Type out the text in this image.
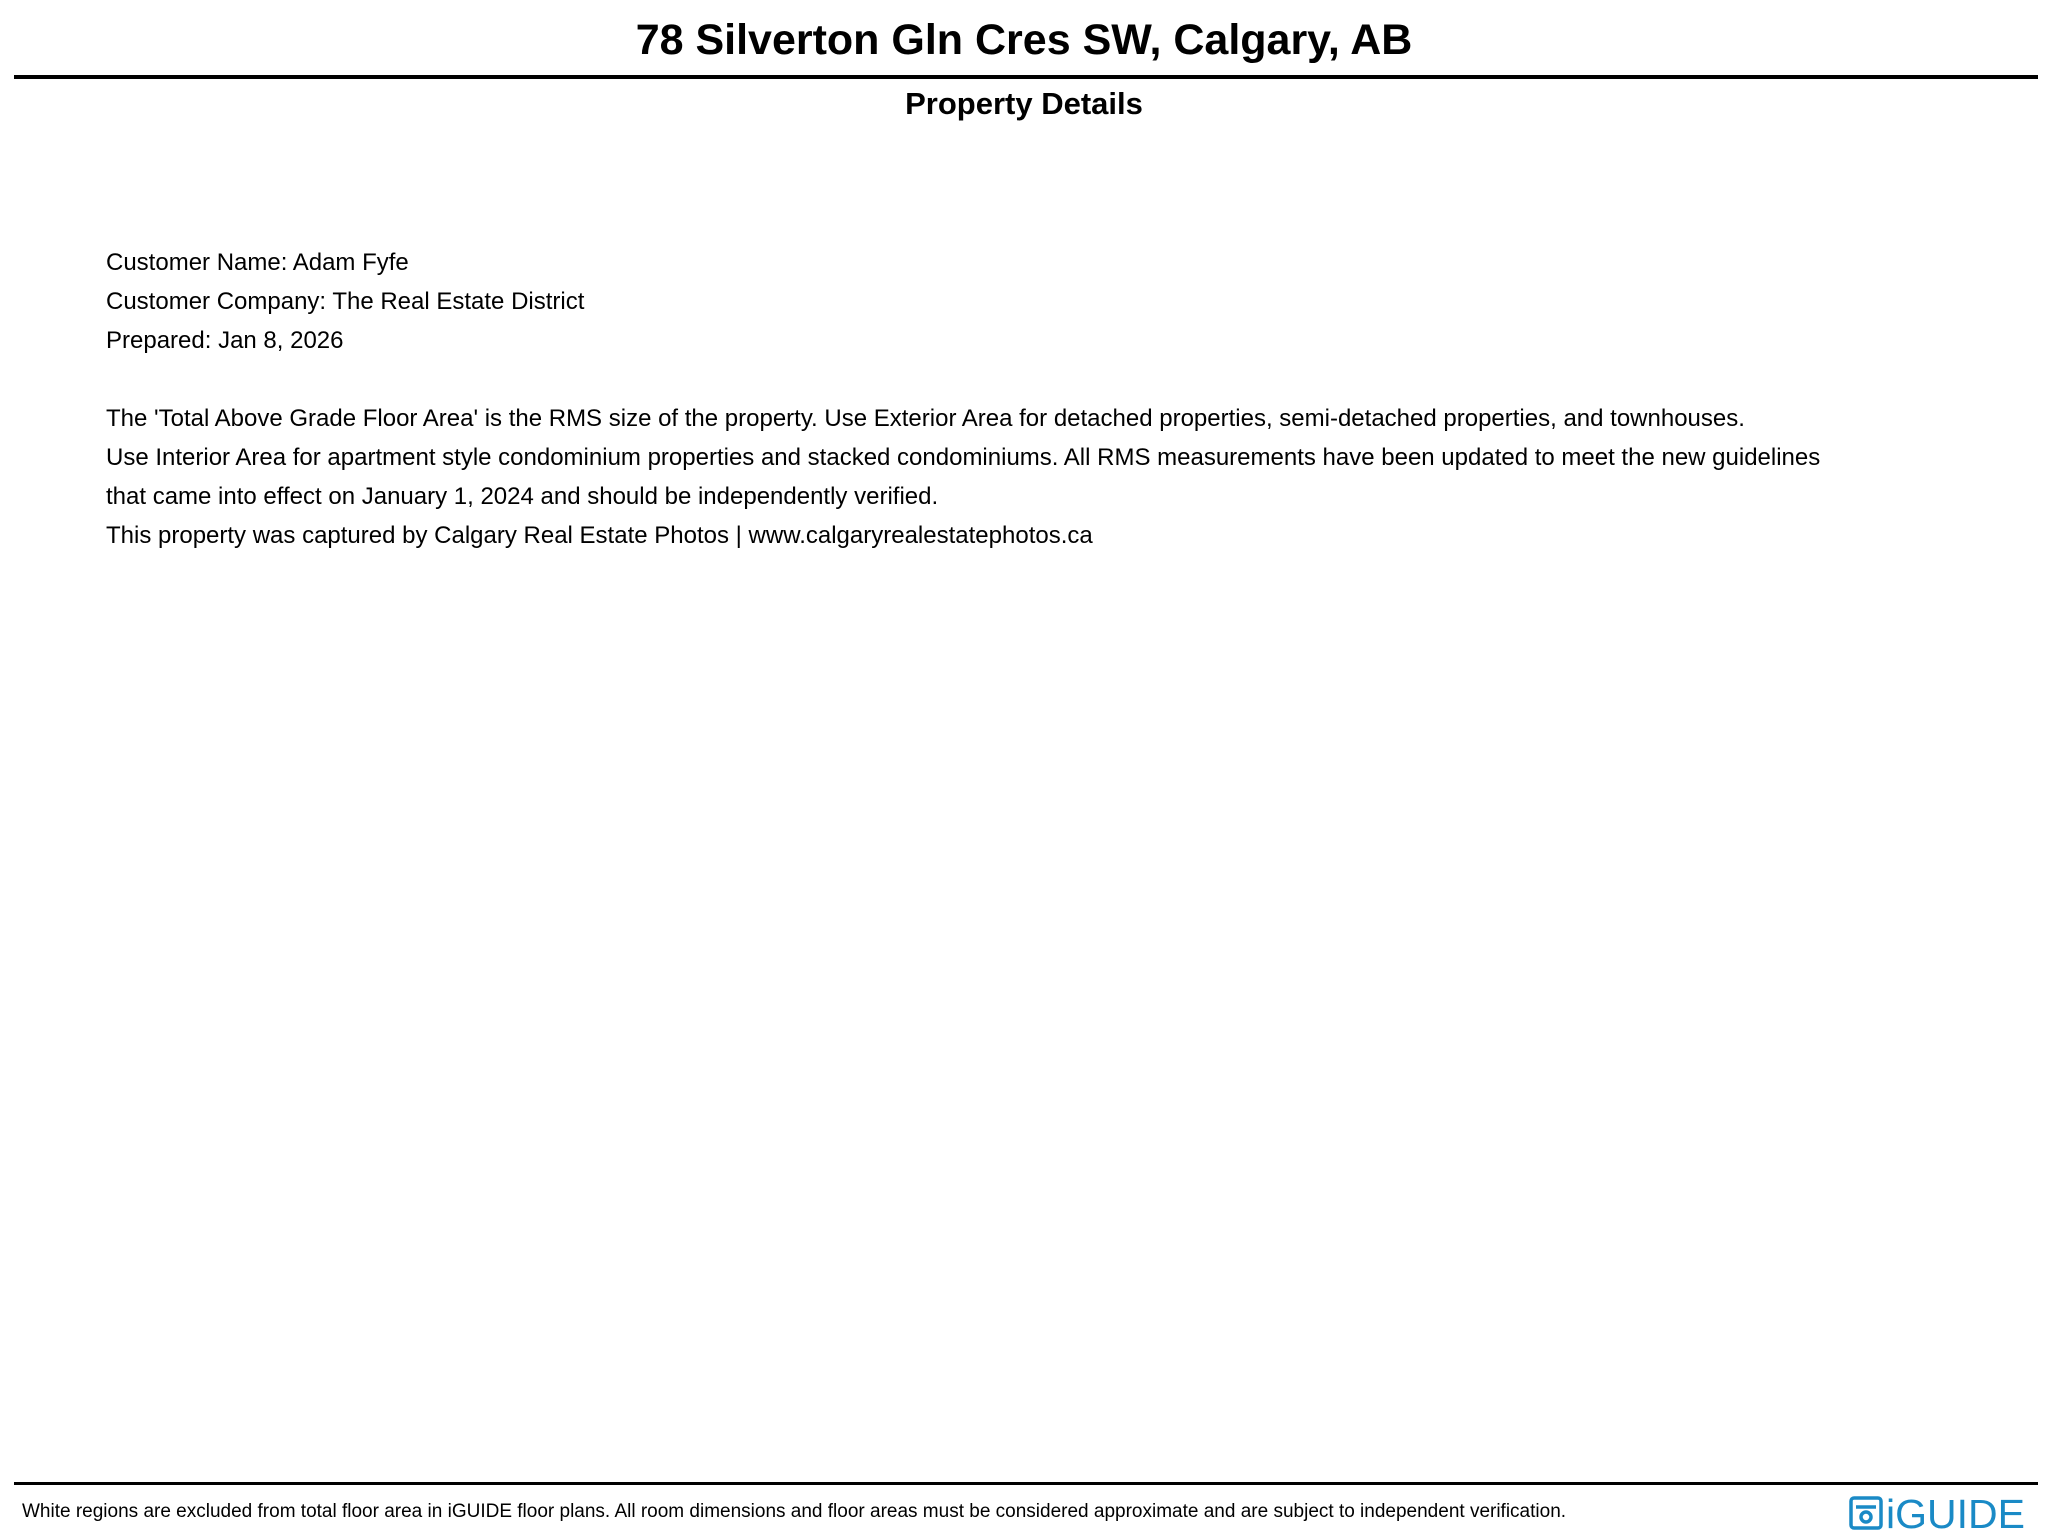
78 Silverton Gln Cres SW, Calgary, AB
Property Details
Customer Name: Adam Fyfe
Customer Company: The Real Estate District
Prepared: Jan 8, 2026
The 'Total Above Grade Floor Area' is the RMS size of the property. Use Exterior Area for detached properties, semi-detached properties, and townhouses.
Use Interior Area for apartment style condominium properties and stacked condominiums. All RMS measurements have been updated to meet the new guidelines
that came into effect on January 1, 2024 and should be independently verified.
This property was captured by Calgary Real Estate Photos | www.calgaryrealestatephotos.ca
White regions are excluded from total floor area in iGUIDE floor plans. All room dimensions and floor areas must be considered approximate and are subject to independent verification.	iGUIDE
